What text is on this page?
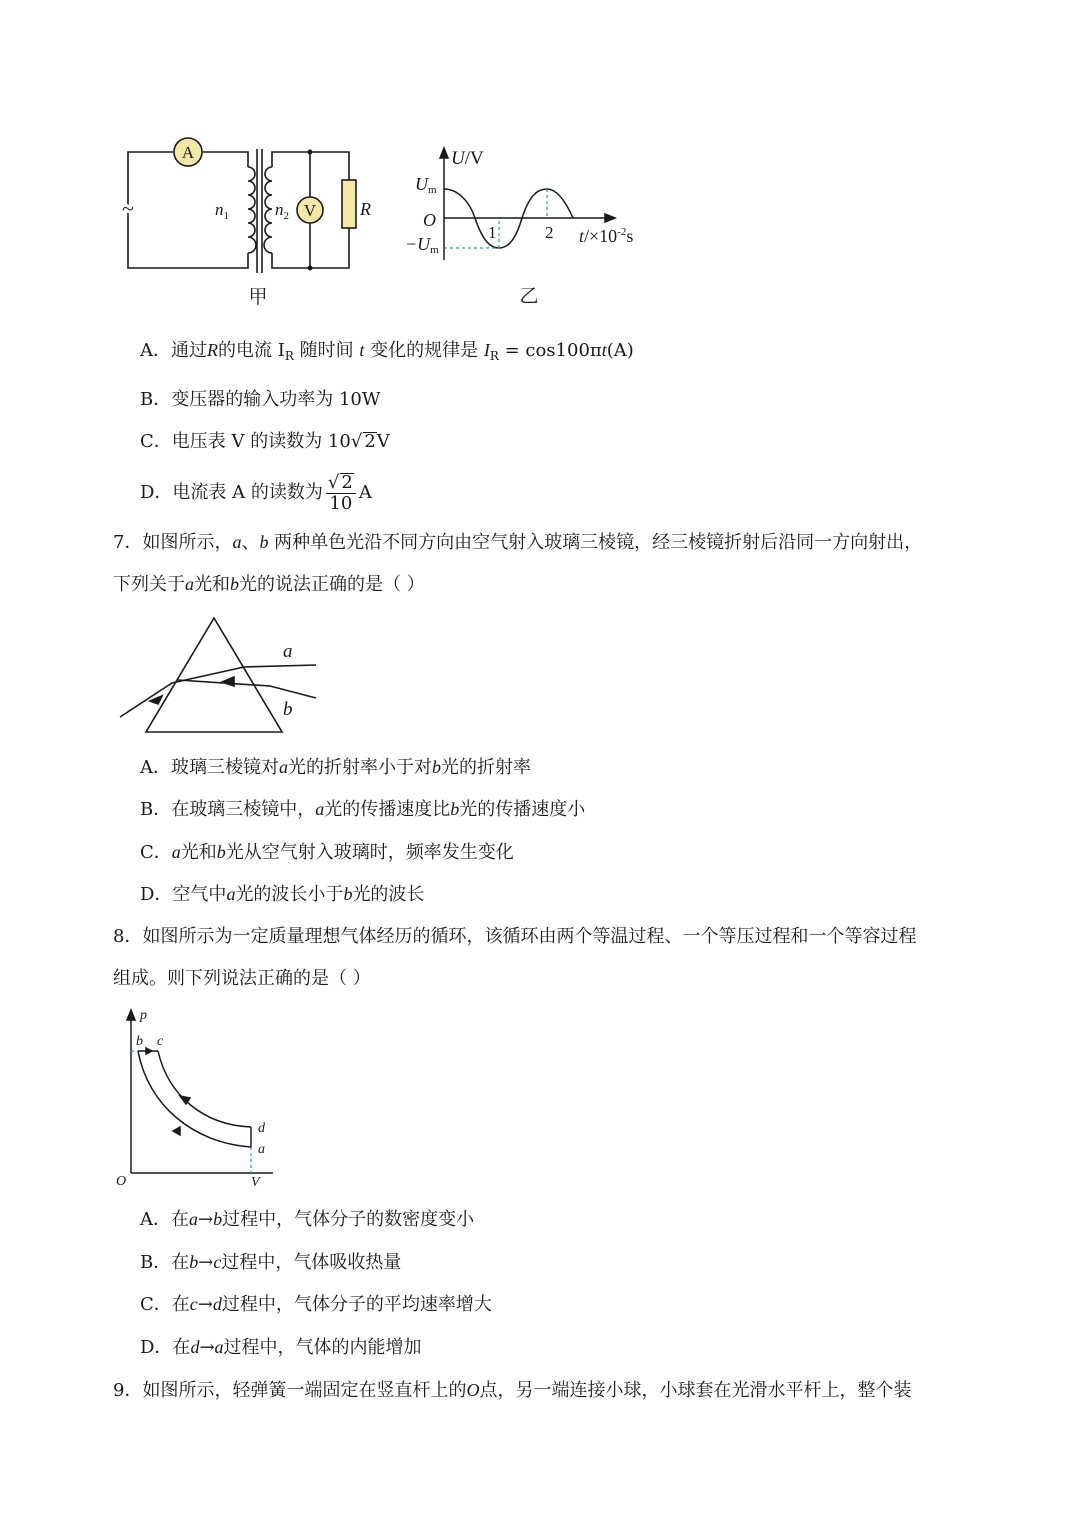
A
V
~	$n_1$	$n_2$	R
甲
U/V
Um
O
−Um
1	2 $t/\times 10^{-2}s$
乙
A．通过R的电流 $I_R$ 随时间 t 变化的规律是 $I_R = \cos 100\pi t(A)$
B．变压器的输入功率为 10W
C．电压表 V 的读数为 10√ 2V
D．电流表 A 的读数为 $\frac{√ 2}{10}$ A
7．如图所示，a、b 两种单色光沿不同方向由空气射入玻璃三棱镜，经三棱镜折射后沿同一方向射出，
下列关于a光和b光的说法正确的是（ ）
a
b
A．玻璃三棱镜对a光的折射率小于对b光的折射率
B．在玻璃三棱镜中，a光的传播速度比b光的传播速度小
C．a光和b光从空气射入玻璃时，频率发生变化
D．空气中a光的波长小于b光的波长
8．如图所示为一定质量理想气体经历的循环，该循环由两个等温过程、一个等压过程和一个等容过程
组成。则下列说法正确的是（ ）
p
b c
d
a
O	V
A．在a→b过程中，气体分子的数密度变小
B．在b→c过程中，气体吸收热量
C．在c→d过程中，气体分子的平均速率增大
D．在d→a过程中，气体的内能增加
9．如图所示，轻弹簧一端固定在竖直杆上的O点，另一端连接小球，小球套在光滑水平杆上，整个装
